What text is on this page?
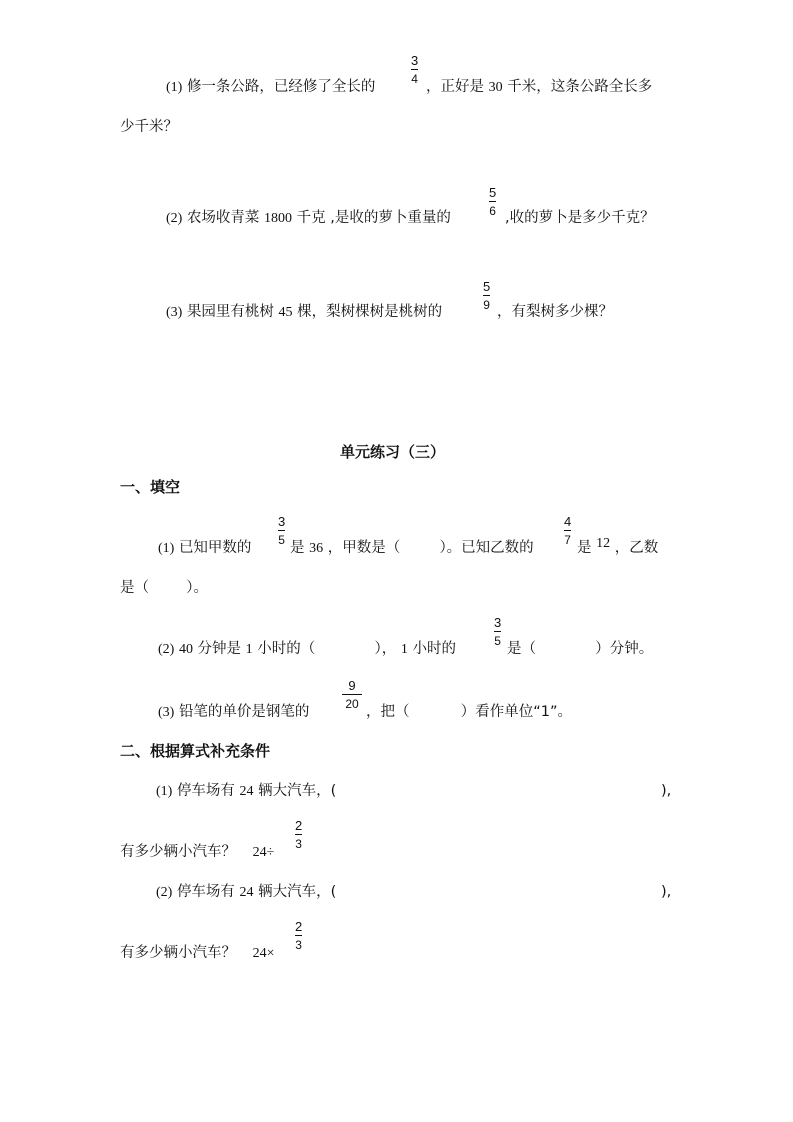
(1) 修一条公路，已经修了全长的
3
4 ，正好是 30 千米，这条公路全长多
少千米？
(2) 农场收青菜 1800 千克 ,是收的萝卜重量的
5
6 ,收的萝卜是多少千克？
(3) 果园里有桃树 45 棵，梨树棵树是桃树的
5
9 ，有梨树多少棵？
单元练习（三）
一、填空
(1) 已知甲数的
3
5 是 36 ，甲数是（	）。已知乙数的
4
7 是 12 ，乙数
是（	）。
(2) 40 分钟是 1 小时的（	）， 1 小时的
3
5 是（	）分钟。
(3) 铅笔的单价是钢笔的
9
20 ，把（	）看作单位“1”。
二、根据算式补充条件
(1) 停车场有 24 辆大汽车，(	),
有多少辆小汽车？ 24÷
2
3
(2) 停车场有 24 辆大汽车，(	),
有多少辆小汽车？ 24×
2
3
